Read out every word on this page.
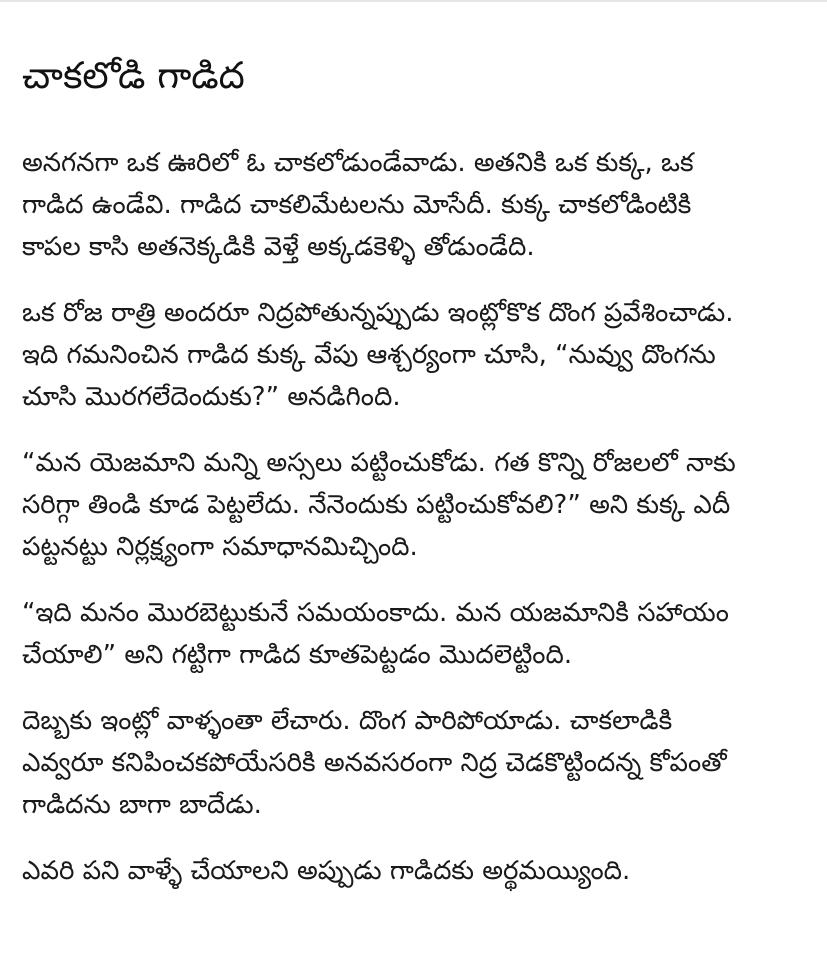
చాకలోడి గాడిద

అనగనగా ఒక ఊరిలో ఓ చాకలోడుండేవాడు. అతనికి ఒక కుక్క, ఒక
గాడిద ఉండేవి. గాడిద చాకలిమేటలను మోసేదీ. కుక్క చాకలోడింటికి
కాపల కాసి అతనెక్కడికి వెళ్తే అక్కడకెళ్ళి తోడుండేది.

ఒక రోజ రాత్రి అందరూ నిద్రపోతున్నప్పుడు ఇంట్లోకొక దొంగ ప్రవేశించాడు.
ఇది గమనించిన గాడిద కుక్క వేపు ఆశ్చర్యంగా చూసి, “నువ్వు దొంగను
చూసి మొరగలేదెందుకు?” అనడిగింది.

“మన యెజమాని మన్ని అస్సలు పట్టించుకోడు. గత కొన్ని రోజలలో నాకు
సరిగ్గా తిండి కూడ పెట్టలేదు. నేనెందుకు పట్టించుకోవలి?” అని కుక్క ఎదీ
పట్టనట్టు నిర్లక్ష్యంగా సమాధానమిచ్చింది.

“ఇది మనం మొరబెట్టుకునే సమయంకాదు. మన యజమానికి సహాయం
చేయాలి” అని గట్టిగా గాడిద కూతపెట్టడం మొదలెట్టింది.

దెబ్బకు ఇంట్లో వాళ్ళంతా లేచారు. దొంగ పారిపోయాడు. చాకలాడికి
ఎవ్వరూ కనిపించకపోయేసరికి అనవసరంగా నిద్ర చెడకొట్టిందన్న కోపంతో
గాడిదను బాగా బాదేడు.

ఎవరి పని వాళ్ళే చేయాలని అప్పుడు గాడిదకు అర్థమయ్యింది.
